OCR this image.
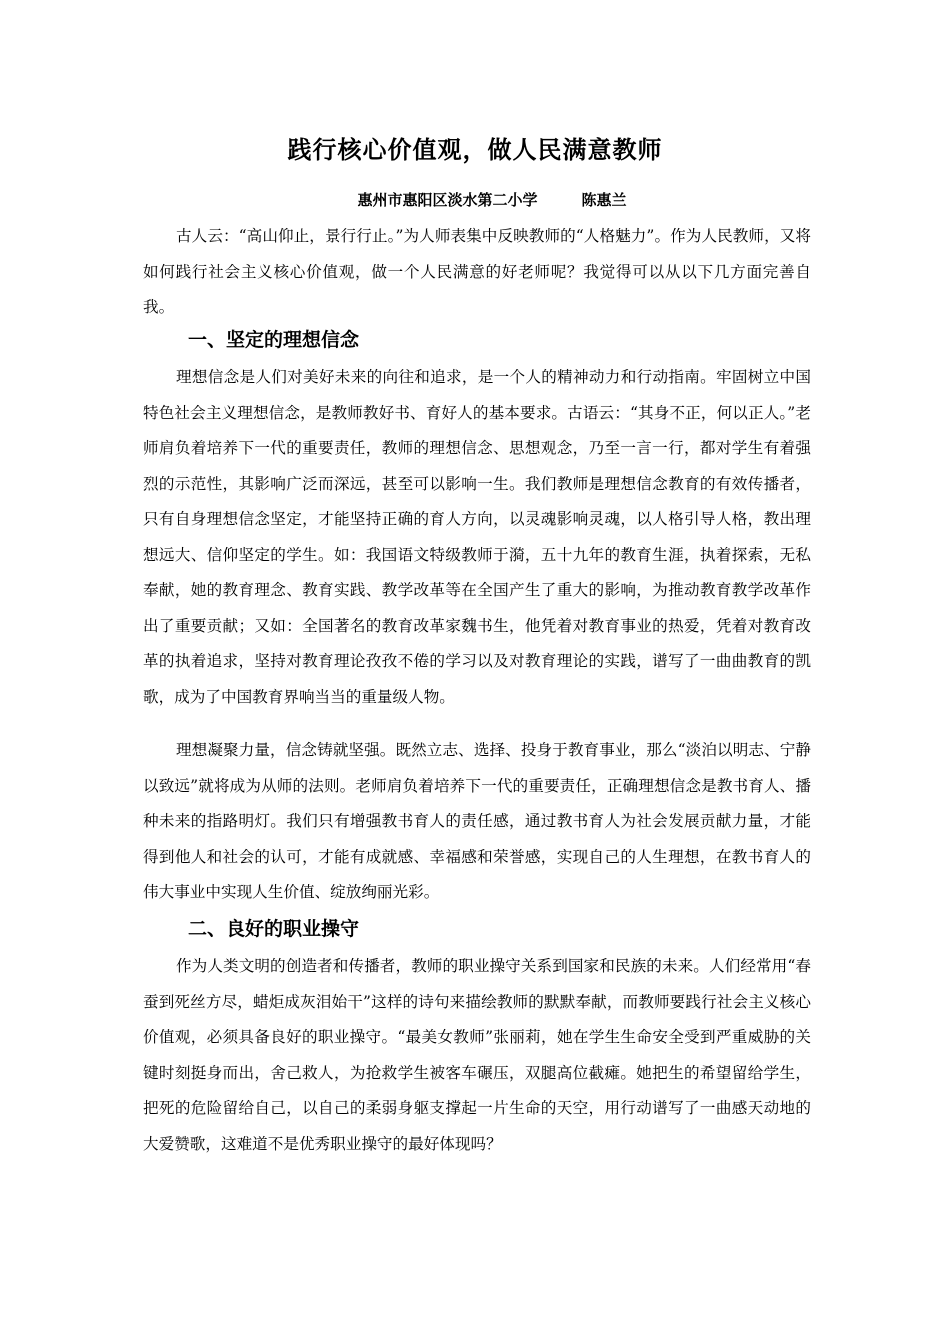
践行核心价值观，做人民满意教师

惠州市惠阳区淡水第二小学	陈惠兰

古人云：“高山仰止，景行行止。”为人师表集中反映教师的“人格魅力”。作为人民教师，又将如何践行社会主义核心价值观，做一个人民满意的好老师呢？我觉得可以从以下几方面完善自我。

一、坚定的理想信念

理想信念是人们对美好未来的向往和追求，是一个人的精神动力和行动指南。牢固树立中国特色社会主义理想信念，是教师教好书、育好人的基本要求。古语云：“其身不正，何以正人。”老师肩负着培养下一代的重要责任，教师的理想信念、思想观念，乃至一言一行，都对学生有着强烈的示范性，其影响广泛而深远，甚至可以影响一生。我们教师是理想信念教育的有效传播者，只有自身理想信念坚定，才能坚持正确的育人方向，以灵魂影响灵魂，以人格引导人格，教出理想远大、信仰坚定的学生。如：我国语文特级教师于漪，五十九年的教育生涯，执着探索，无私奉献，她的教育理念、教育实践、教学改革等在全国产生了重大的影响，为推动教育教学改革作出了重要贡献；又如：全国著名的教育改革家魏书生，他凭着对教育事业的热爱，凭着对教育改革的执着追求，坚持对教育理论孜孜不倦的学习以及对教育理论的实践，谱写了一曲曲教育的凯歌，成为了中国教育界响当当的重量级人物。

理想凝聚力量，信念铸就坚强。既然立志、选择、投身于教育事业，那么“淡泊以明志、宁静以致远”就将成为从师的法则。老师肩负着培养下一代的重要责任，正确理想信念是教书育人、播种未来的指路明灯。我们只有增强教书育人的责任感，通过教书育人为社会发展贡献力量，才能得到他人和社会的认可，才能有成就感、幸福感和荣誉感，实现自己的人生理想，在教书育人的伟大事业中实现人生价值、绽放绚丽光彩。

二、良好的职业操守

作为人类文明的创造者和传播者，教师的职业操守关系到国家和民族的未来。人们经常用“春蚕到死丝方尽，蜡炬成灰泪始干”这样的诗句来描绘教师的默默奉献，而教师要践行社会主义核心价值观，必须具备良好的职业操守。“最美女教师”张丽莉，她在学生生命安全受到严重威胁的关键时刻挺身而出，舍己救人，为抢救学生被客车碾压，双腿高位截瘫。她把生的希望留给学生，把死的危险留给自己，以自己的柔弱身躯支撑起一片生命的天空，用行动谱写了一曲感天动地的大爱赞歌，这难道不是优秀职业操守的最好体现吗？
